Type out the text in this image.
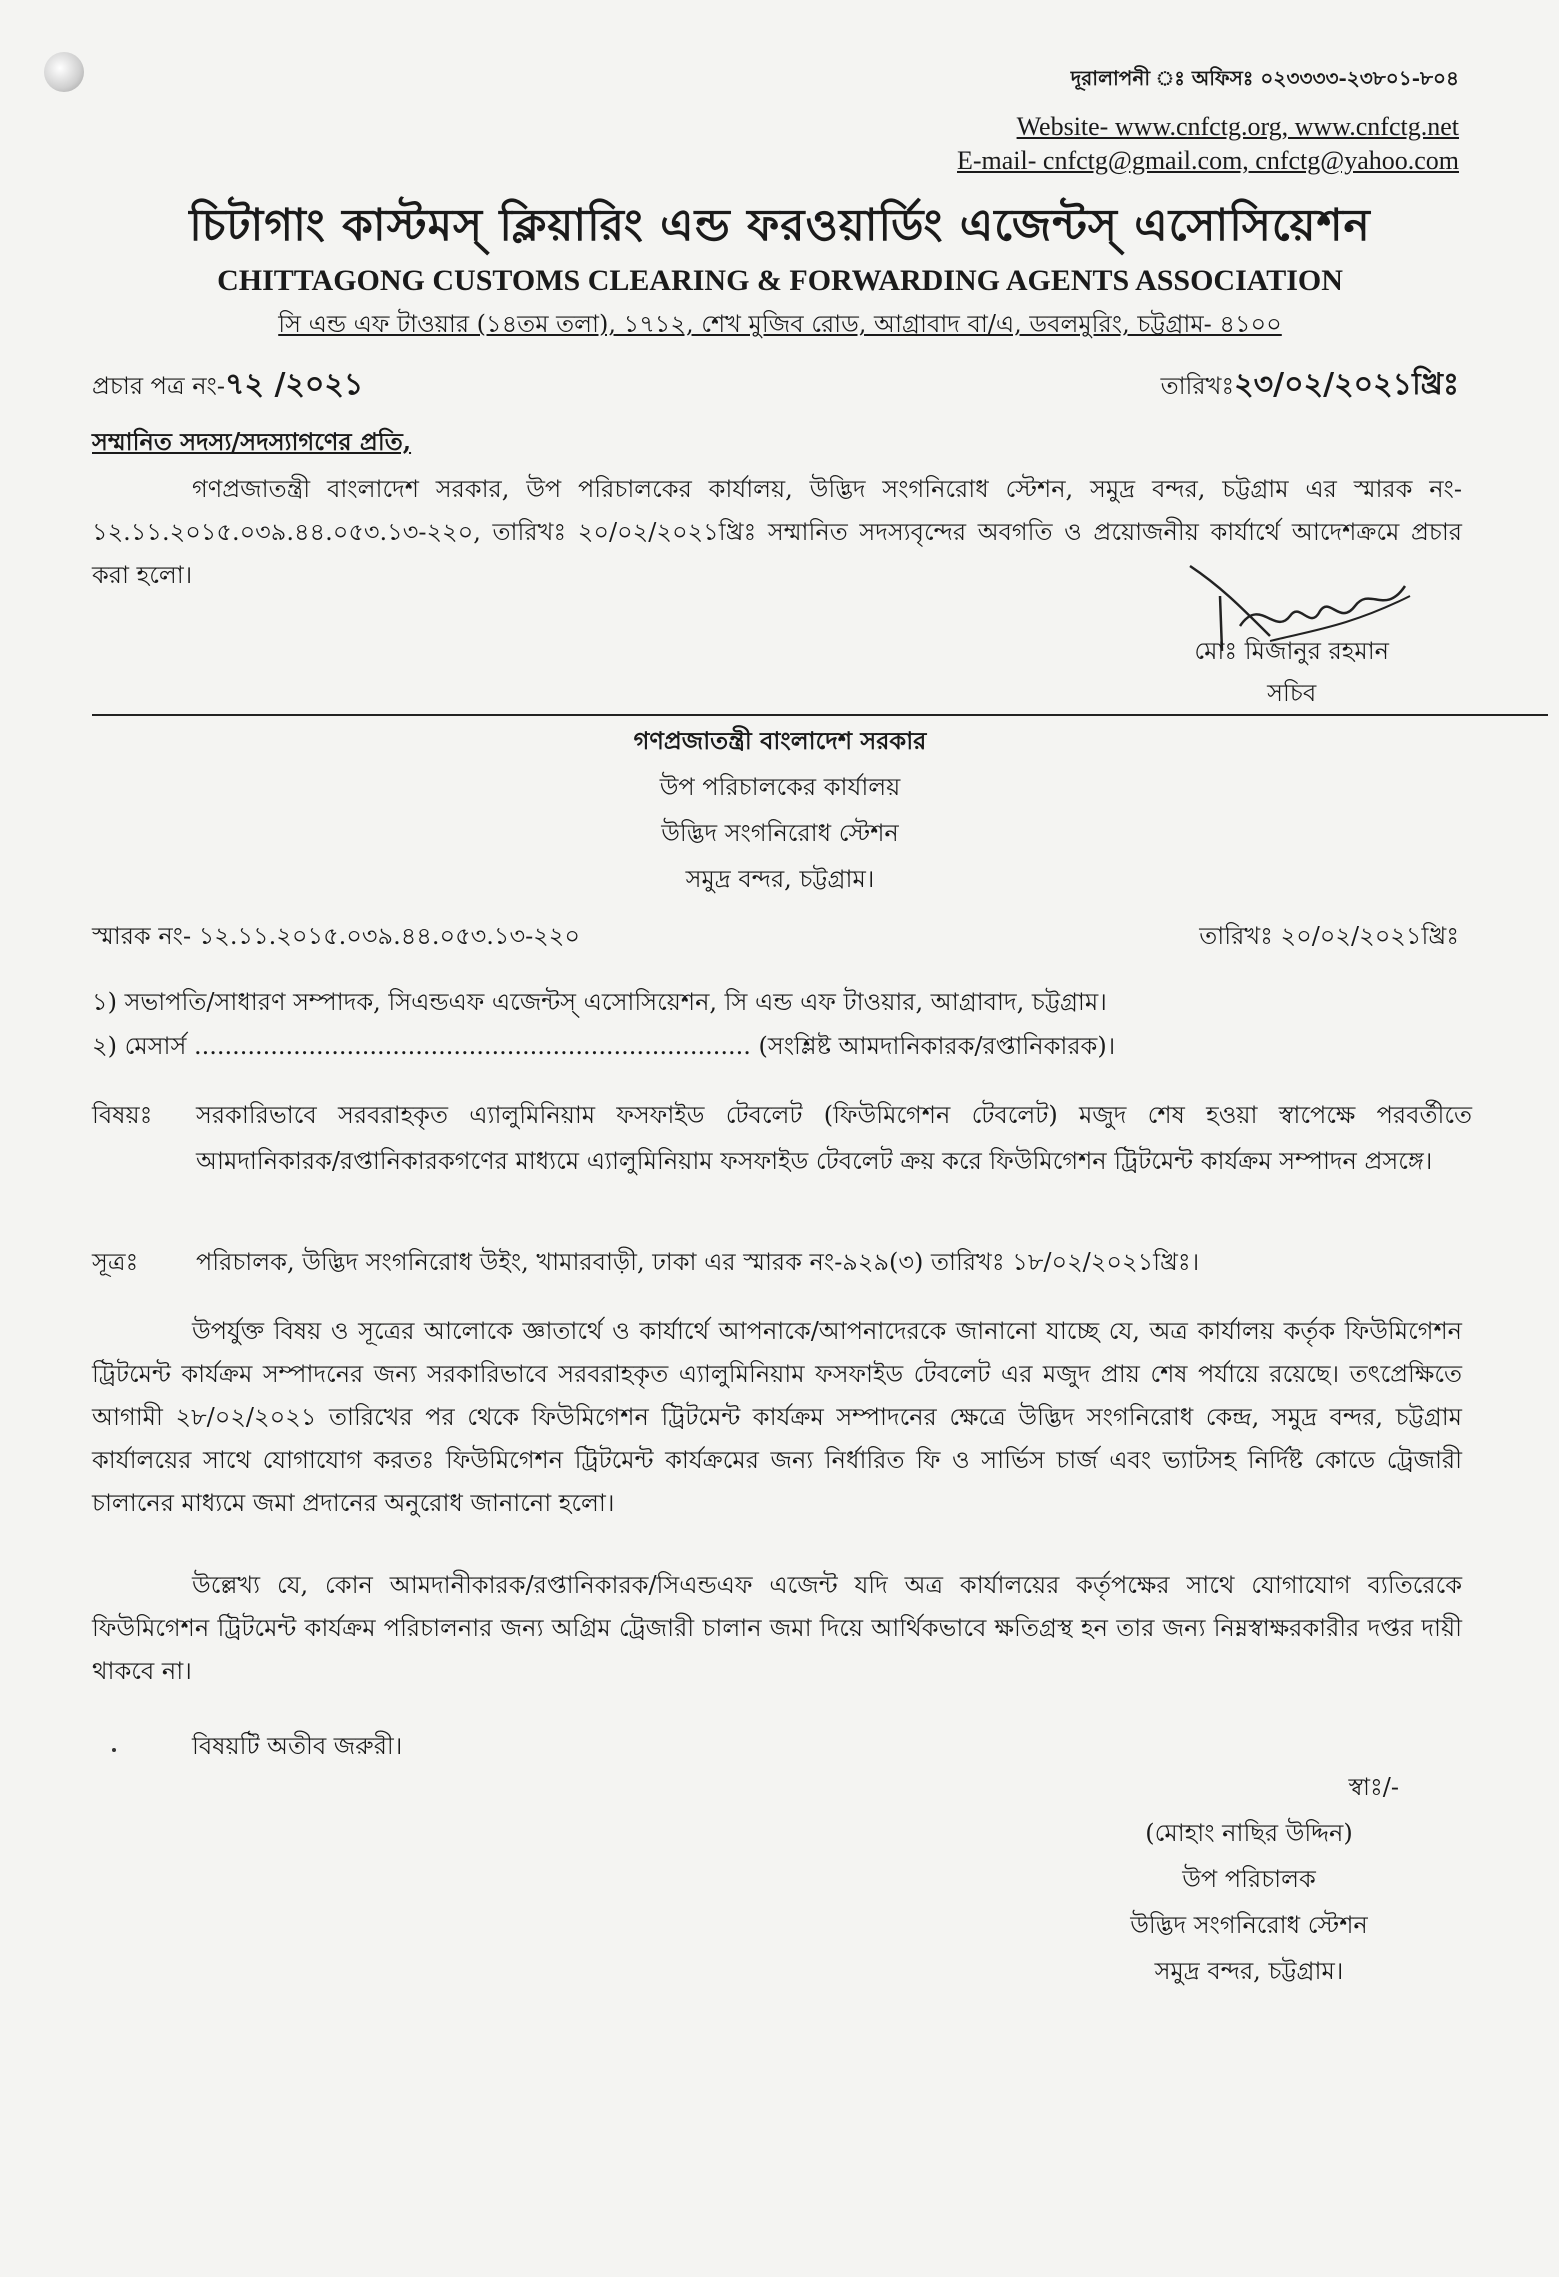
দূরালাপনী ঃ অফিসঃ ০২৩৩৩৩-২৩৮০১-৮০৪
Website- www.cnfctg.org, www.cnfctg.net
E-mail- cnfctg@gmail.com, cnfctg@yahoo.com
চিটাগাং কাস্টমস্ ক্লিয়ারিং এন্ড ফরওয়ার্ডিং এজেন্টস্ এসোসিয়েশন
CHITTAGONG CUSTOMS CLEARING & FORWARDING AGENTS ASSOCIATION
সি এন্ড এফ টাওয়ার (১৪তম তলা), ১৭১২, শেখ মুজিব রোড, আগ্রাবাদ বা/এ, ডবলমুরিং, চট্টগ্রাম- ৪১০০
প্রচার পত্র নং-৭২ /২০২১	তারিখঃ২৩/০২/২০২১খ্রিঃ
সম্মানিত সদস্য/সদস্যাগণের প্রতি,
গণপ্রজাতন্ত্রী বাংলাদেশ সরকার, উপ পরিচালকের কার্যালয়, উদ্ভিদ সংগনিরোধ স্টেশন, সমুদ্র বন্দর, চট্টগ্রাম এর স্মারক নং- ১২.১১.২০১৫.০৩৯.৪৪.০৫৩.১৩-২২০, তারিখঃ ২০/০২/২০২১খ্রিঃ সম্মানিত সদস্যবৃন্দের অবগতি ও প্রয়োজনীয় কার্যার্থে আদেশক্রমে প্রচার করা হলো।
মোঃ মিজানুর রহমান
সচিব
গণপ্রজাতন্ত্রী বাংলাদেশ সরকার
উপ পরিচালকের কার্যালয়
উদ্ভিদ সংগনিরোধ স্টেশন
সমুদ্র বন্দর, চট্টগ্রাম।
স্মারক নং- ১২.১১.২০১৫.০৩৯.৪৪.০৫৩.১৩-২২০	তারিখঃ ২০/০২/২০২১খ্রিঃ
১) সভাপতি/সাধারণ সম্পাদক, সিএন্ডএফ এজেন্টস্ এসোসিয়েশন, সি এন্ড এফ টাওয়ার, আগ্রাবাদ, চট্টগ্রাম।
২) মেসার্স ......................................................................... (সংশ্লিষ্ট আমদানিকারক/রপ্তানিকারক)।
বিষয়ঃ	সরকারিভাবে সরবরাহকৃত এ্যালুমিনিয়াম ফসফাইড টেবলেট (ফিউমিগেশন টেবলেট) মজুদ শেষ হওয়া স্বাপেক্ষে পরবর্তীতে আমদানিকারক/রপ্তানিকারকগণের মাধ্যমে এ্যালুমিনিয়াম ফসফাইড টেবলেট ক্রয় করে ফিউমিগেশন ট্রিটমেন্ট কার্যক্রম সম্পাদন প্রসঙ্গে।
সূত্রঃ	পরিচালক, উদ্ভিদ সংগনিরোধ উইং, খামারবাড়ী, ঢাকা এর স্মারক নং-৯২৯(৩) তারিখঃ ১৮/০২/২০২১খ্রিঃ।
উপর্যুক্ত বিষয় ও সূত্রের আলোকে জ্ঞাতার্থে ও কার্যার্থে আপনাকে/আপনাদেরকে জানানো যাচ্ছে যে, অত্র কার্যালয় কর্তৃক ফিউমিগেশন ট্রিটমেন্ট কার্যক্রম সম্পাদনের জন্য সরকারিভাবে সরবরাহকৃত এ্যালুমিনিয়াম ফসফাইড টেবলেট এর মজুদ প্রায় শেষ পর্যায়ে রয়েছে। তৎপ্রেক্ষিতে আগামী ২৮/০২/২০২১ তারিখের পর থেকে ফিউমিগেশন ট্রিটমেন্ট কার্যক্রম সম্পাদনের ক্ষেত্রে উদ্ভিদ সংগনিরোধ কেন্দ্র, সমুদ্র বন্দর, চট্টগ্রাম কার্যালয়ের সাথে যোগাযোগ করতঃ ফিউমিগেশন ট্রিটমেন্ট কার্যক্রমের জন্য নির্ধারিত ফি ও সার্ভিস চার্জ এবং ভ্যাটসহ নির্দিষ্ট কোডে ট্রেজারী চালানের মাধ্যমে জমা প্রদানের অনুরোধ জানানো হলো।
উল্লেখ্য যে, কোন আমদানীকারক/রপ্তানিকারক/সিএন্ডএফ এজেন্ট যদি অত্র কার্যালয়ের কর্তৃপক্ষের সাথে যোগাযোগ ব্যতিরেকে ফিউমিগেশন ট্রিটমেন্ট কার্যক্রম পরিচালনার জন্য অগ্রিম ট্রেজারী চালান জমা দিয়ে আর্থিকভাবে ক্ষতিগ্রস্থ হন তার জন্য নিম্নস্বাক্ষরকারীর দপ্তর দায়ী থাকবে না।
বিষয়টি অতীব জরুরী।
স্বাঃ/-
(মোহাং নাছির উদ্দিন)
উপ পরিচালক
উদ্ভিদ সংগনিরোধ স্টেশন
সমুদ্র বন্দর, চট্টগ্রাম।
